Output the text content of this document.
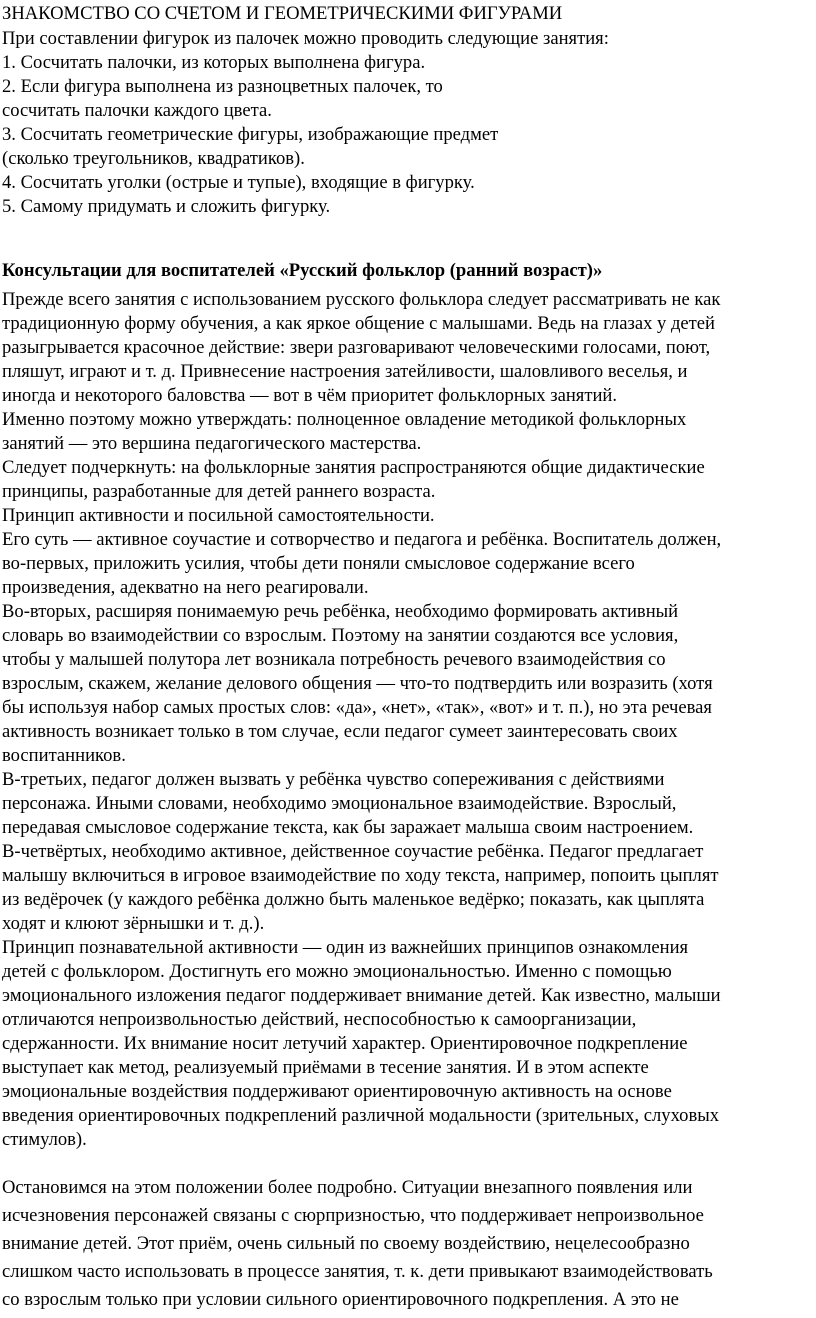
ЗНАКОМСТВО СО СЧЕТОМ И ГЕОМЕТРИЧЕСКИМИ ФИГУРАМИ

При составлении фигурок из палочек можно проводить следующие занятия:

1. Сосчитать палочки, из которых выполнена фигура.

2. Если фигура выполнена из разноцветных палочек, то

сосчитать палочки каждого цвета.

3. Сосчитать геометрические фигуры, изображающие предмет

(сколько треугольников, квадратиков).

4. Сосчитать уголки (острые и тупые), входящие в фигурку.

5. Самому придумать и сложить фигурку.

Консультации для воспитателей «Русский фольклор (ранний возраст)»

Прежде всего занятия с использованием русского фольклора следует рассматривать не как

традиционную форму обучения, а как яркое общение с малышами. Ведь на глазах у детей

разыгрывается красочное действие: звери разговаривают человеческими голосами, поют,

пляшут, играют и т. д. Привнесение настроения затейливости, шаловливого веселья, и

иногда и некоторого баловства — вот в чём приоритет фольклорных занятий.

Именно поэтому можно утверждать: полноценное овладение методикой фольклорных

занятий — это вершина педагогического мастерства.

Следует подчеркнуть: на фольклорные занятия распространяются общие дидактические

принципы, разработанные для детей раннего возраста.

Принцип активности и посильной самостоятельности.

Его суть — активное соучастие и сотворчество и педагога и ребёнка. Воспитатель должен,

во-первых, приложить усилия, чтобы дети поняли смысловое содержание всего

произведения, адекватно на него реагировали.

Во-вторых, расширяя понимаемую речь ребёнка, необходимо формировать активный

словарь во взаимодействии со взрослым. Поэтому на занятии создаются все условия,

чтобы у малышей полутора лет возникала потребность речевого взаимодействия со

взрослым, скажем, желание делового общения — что-то подтвердить или возразить (хотя

бы используя набор самых простых слов: «да», «нет», «так», «вот» и т. п.), но эта речевая

активность возникает только в том случае, если педагог сумеет заинтересовать своих

воспитанников.

В-третьих, педагог должен вызвать у ребёнка чувство сопереживания с действиями

персонажа. Иными словами, необходимо эмоциональное взаимодействие. Взрослый,

передавая смысловое содержание текста, как бы заражает малыша своим настроением.

В-четвёртых, необходимо активное, действенное соучастие ребёнка. Педагог предлагает

малышу включиться в игровое взаимодействие по ходу текста, например, попоить цыплят

из ведёрочек (у каждого ребёнка должно быть маленькое ведёрко; показать, как цыплята

ходят и клюют зёрнышки и т. д.).

Принцип познавательной активности — один из важнейших принципов ознакомления

детей с фольклором. Достигнуть его можно эмоциональностью. Именно с помощью

эмоционального изложения педагог поддерживает внимание детей. Как известно, малыши

отличаются непроизвольностью действий, неспособностью к самоорганизации,

сдержанности. Их внимание носит летучий характер. Ориентировочное подкрепление

выступает как метод, реализуемый приёмами в тесение занятия. И в этом аспекте

эмоциональные воздействия поддерживают ориентировочную активность на основе

введения ориентировочных подкреплений различной модальности (зрительных, слуховых

стимулов).

Остановимся на этом положении более подробно. Ситуации внезапного появления или

исчезновения персонажей связаны с сюрпризностью, что поддерживает непроизвольное

внимание детей. Этот приём, очень сильный по своему воздействию, нецелесообразно

слишком часто использовать в процессе занятия, т. к. дети привыкают взаимодействовать

со взрослым только при условии сильного ориентировочного подкрепления. А это не
